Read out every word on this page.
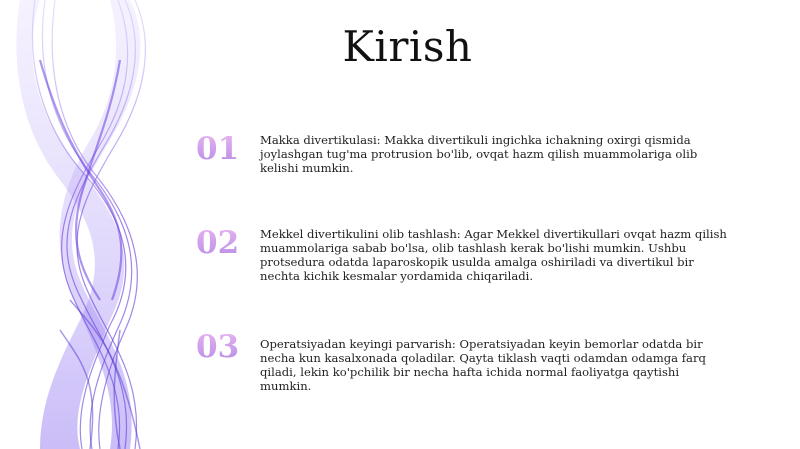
Kirish
01	Makka divertikulasi: Makka divertikuli ingichka ichakning oxirgi qismida joylashgan tug'ma protrusion bo'lib, ovqat hazm qilish muammolariga olib kelishi mumkin.
02	Mekkel divertikulini olib tashlash: Agar Mekkel divertikullari ovqat hazm qilish muammolariga sabab bo'lsa, olib tashlash kerak bo'lishi mumkin. Ushbu protsedura odatda laparoskopik usulda amalga oshiriladi va divertikul bir nechta kichik kesmalar yordamida chiqariladi.
03	Operatsiyadan keyingi parvarish: Operatsiyadan keyin bemorlar odatda bir necha kun kasalxonada qoladilar. Qayta tiklash vaqti odamdan odamga farq qiladi, lekin ko'pchilik bir necha hafta ichida normal faoliyatga qaytishi mumkin.
